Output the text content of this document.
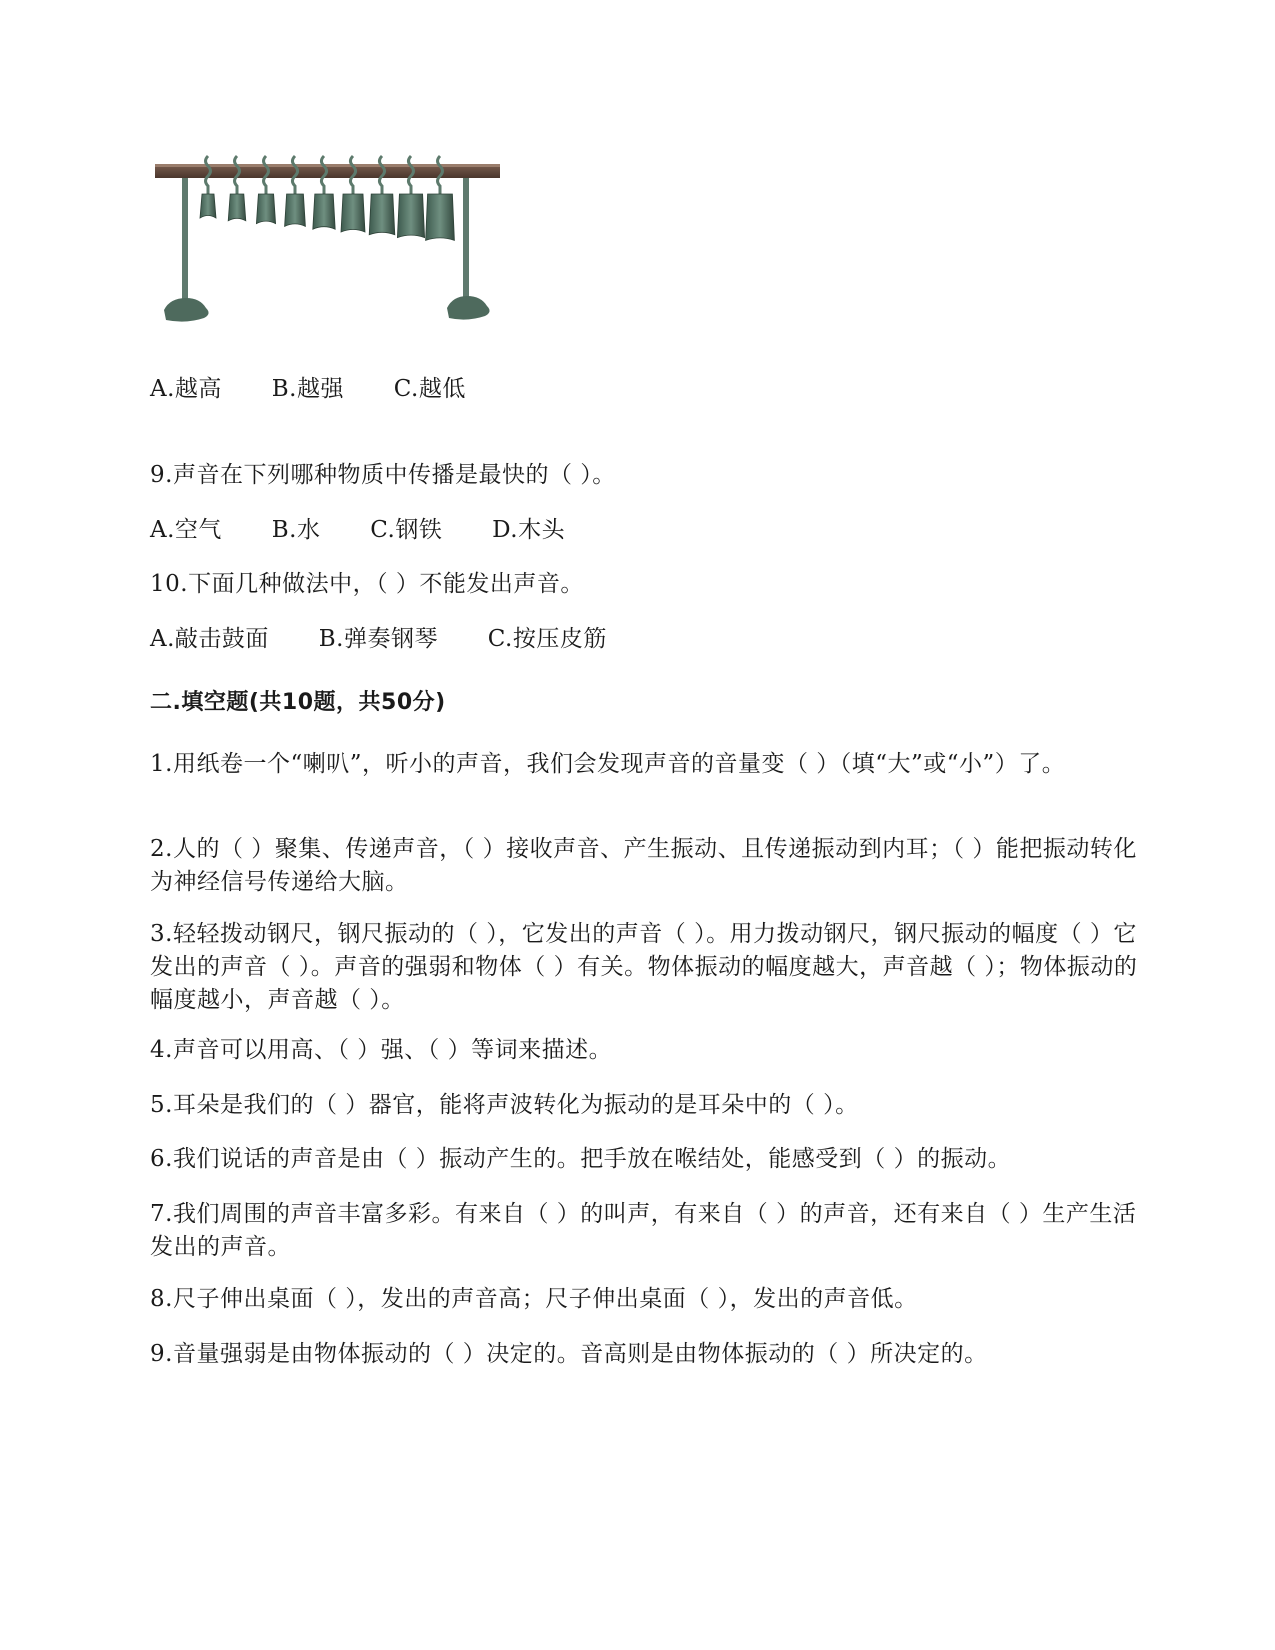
A.越高 B.越强 C.越低
9.声音在下列哪种物质中传播是最快的（ ）。
A.空气 B.水 C.钢铁 D.木头
10.下面几种做法中，（ ）不能发出声音。
A.敲击鼓面 B.弹奏钢琴 C.按压皮筋
二.填空题(共10题，共50分)
1.用纸卷一个“喇叭”，听小的声音，我们会发现声音的音量变（ ）（填“大”或“小”）了。
2.人的（ ）聚集、传递声音，（ ）接收声音、产生振动、且传递振动到内耳；（ ）能把振动转化为神经信号传递给大脑。
3.轻轻拨动钢尺，钢尺振动的（ ），它发出的声音（ ）。用力拨动钢尺，钢尺振动的幅度（ ）它发出的声音（ ）。声音的强弱和物体（ ）有关。物体振动的幅度越大，声音越（ ）；物体振动的幅度越小，声音越（ ）。
4.声音可以用高、（ ）强、（ ）等词来描述。
5.耳朵是我们的（ ）器官，能将声波转化为振动的是耳朵中的（ ）。
6.我们说话的声音是由（ ）振动产生的。把手放在喉结处，能感受到（ ）的振动。
7.我们周围的声音丰富多彩。有来自（ ）的叫声，有来自（ ）的声音，还有来自（ ）生产生活发出的声音。
8.尺子伸出桌面（ ），发出的声音高；尺子伸出桌面（ ），发出的声音低。
9.音量强弱是由物体振动的（ ）决定的。音高则是由物体振动的（ ）所决定的。
